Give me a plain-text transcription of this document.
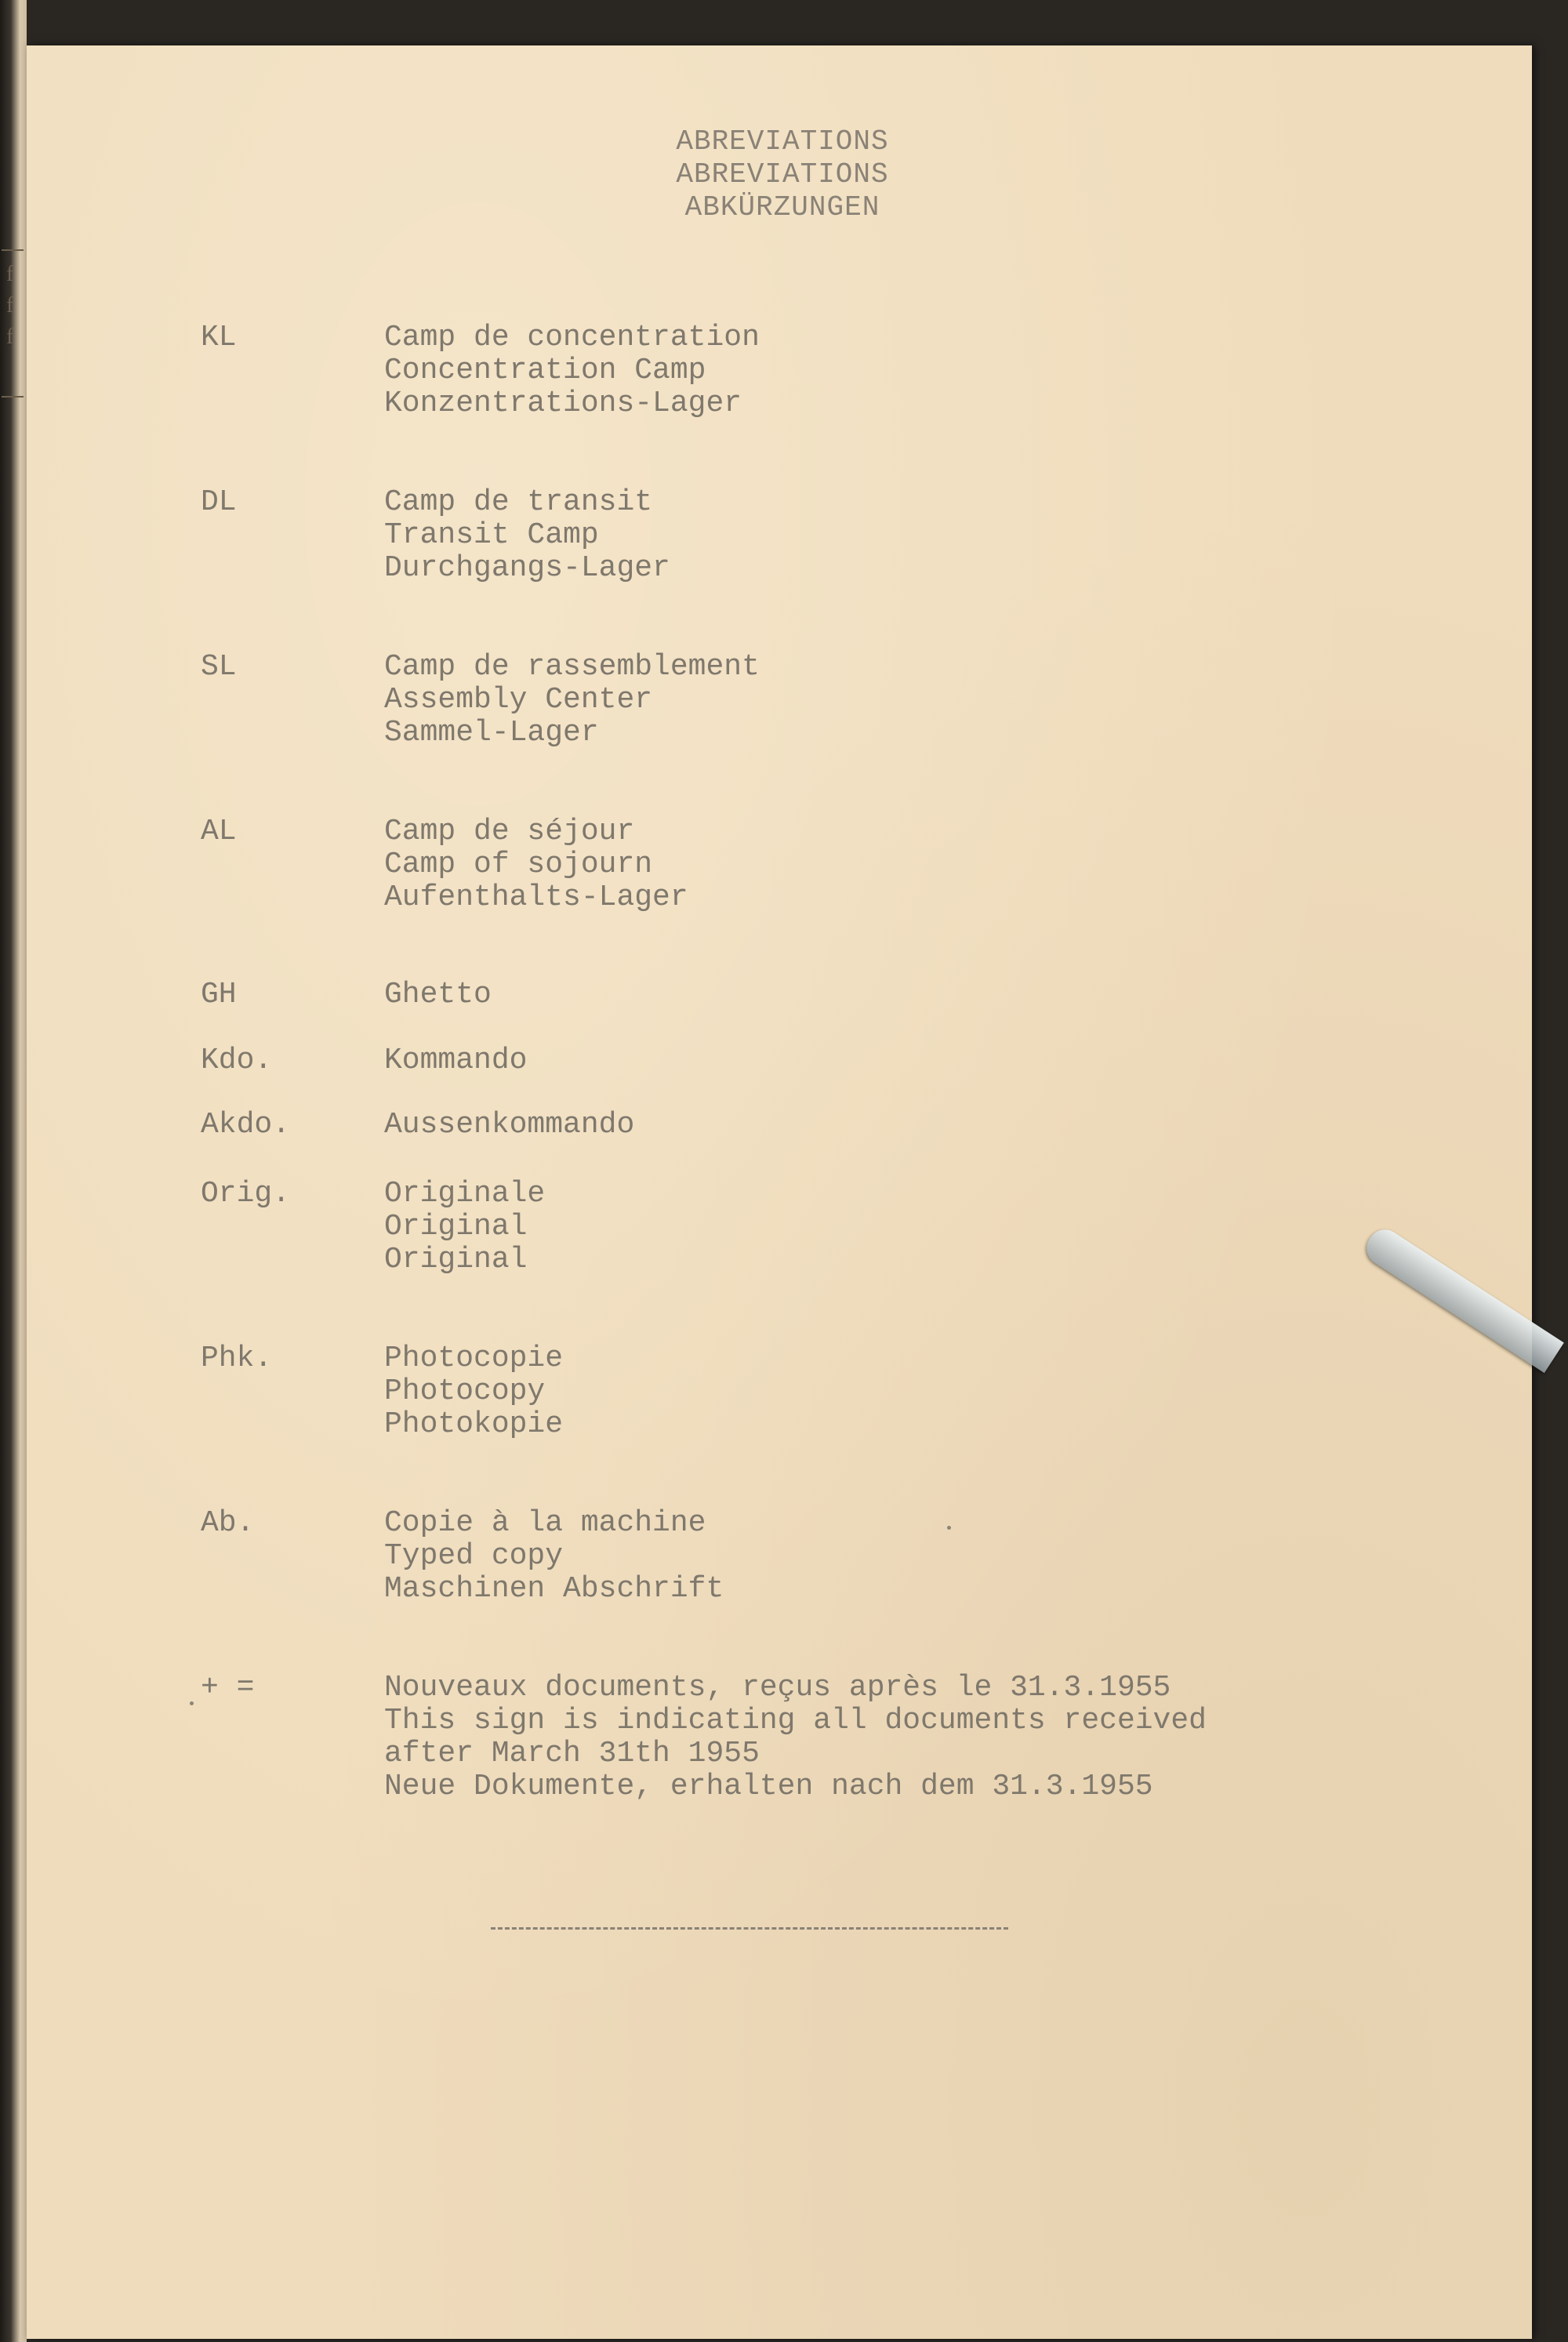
f
f
f
ABREVIATIONS
ABREVIATIONS
ABKÜRZUNGEN
KL	Camp de concentration
Concentration Camp
Konzentrations-Lager
DL	Camp de transit
Transit Camp
Durchgangs-Lager
SL	Camp de rassemblement
Assembly Center
Sammel-Lager
AL	Camp de séjour
Camp of sojourn
Aufenthalts-Lager
GH	Ghetto
Kdo.	Kommando
Akdo.	Aussenkommando
Orig.	Originale
Original
Original
Phk.	Photocopie
Photocopy
Photokopie
Ab.	Copie à la machine
Typed copy
Maschinen Abschrift
+ =	Nouveaux documents, reçus après le 31.3.1955
This sign is indicating all documents received
after March 31th 1955
Neue Dokumente, erhalten nach dem 31.3.1955
